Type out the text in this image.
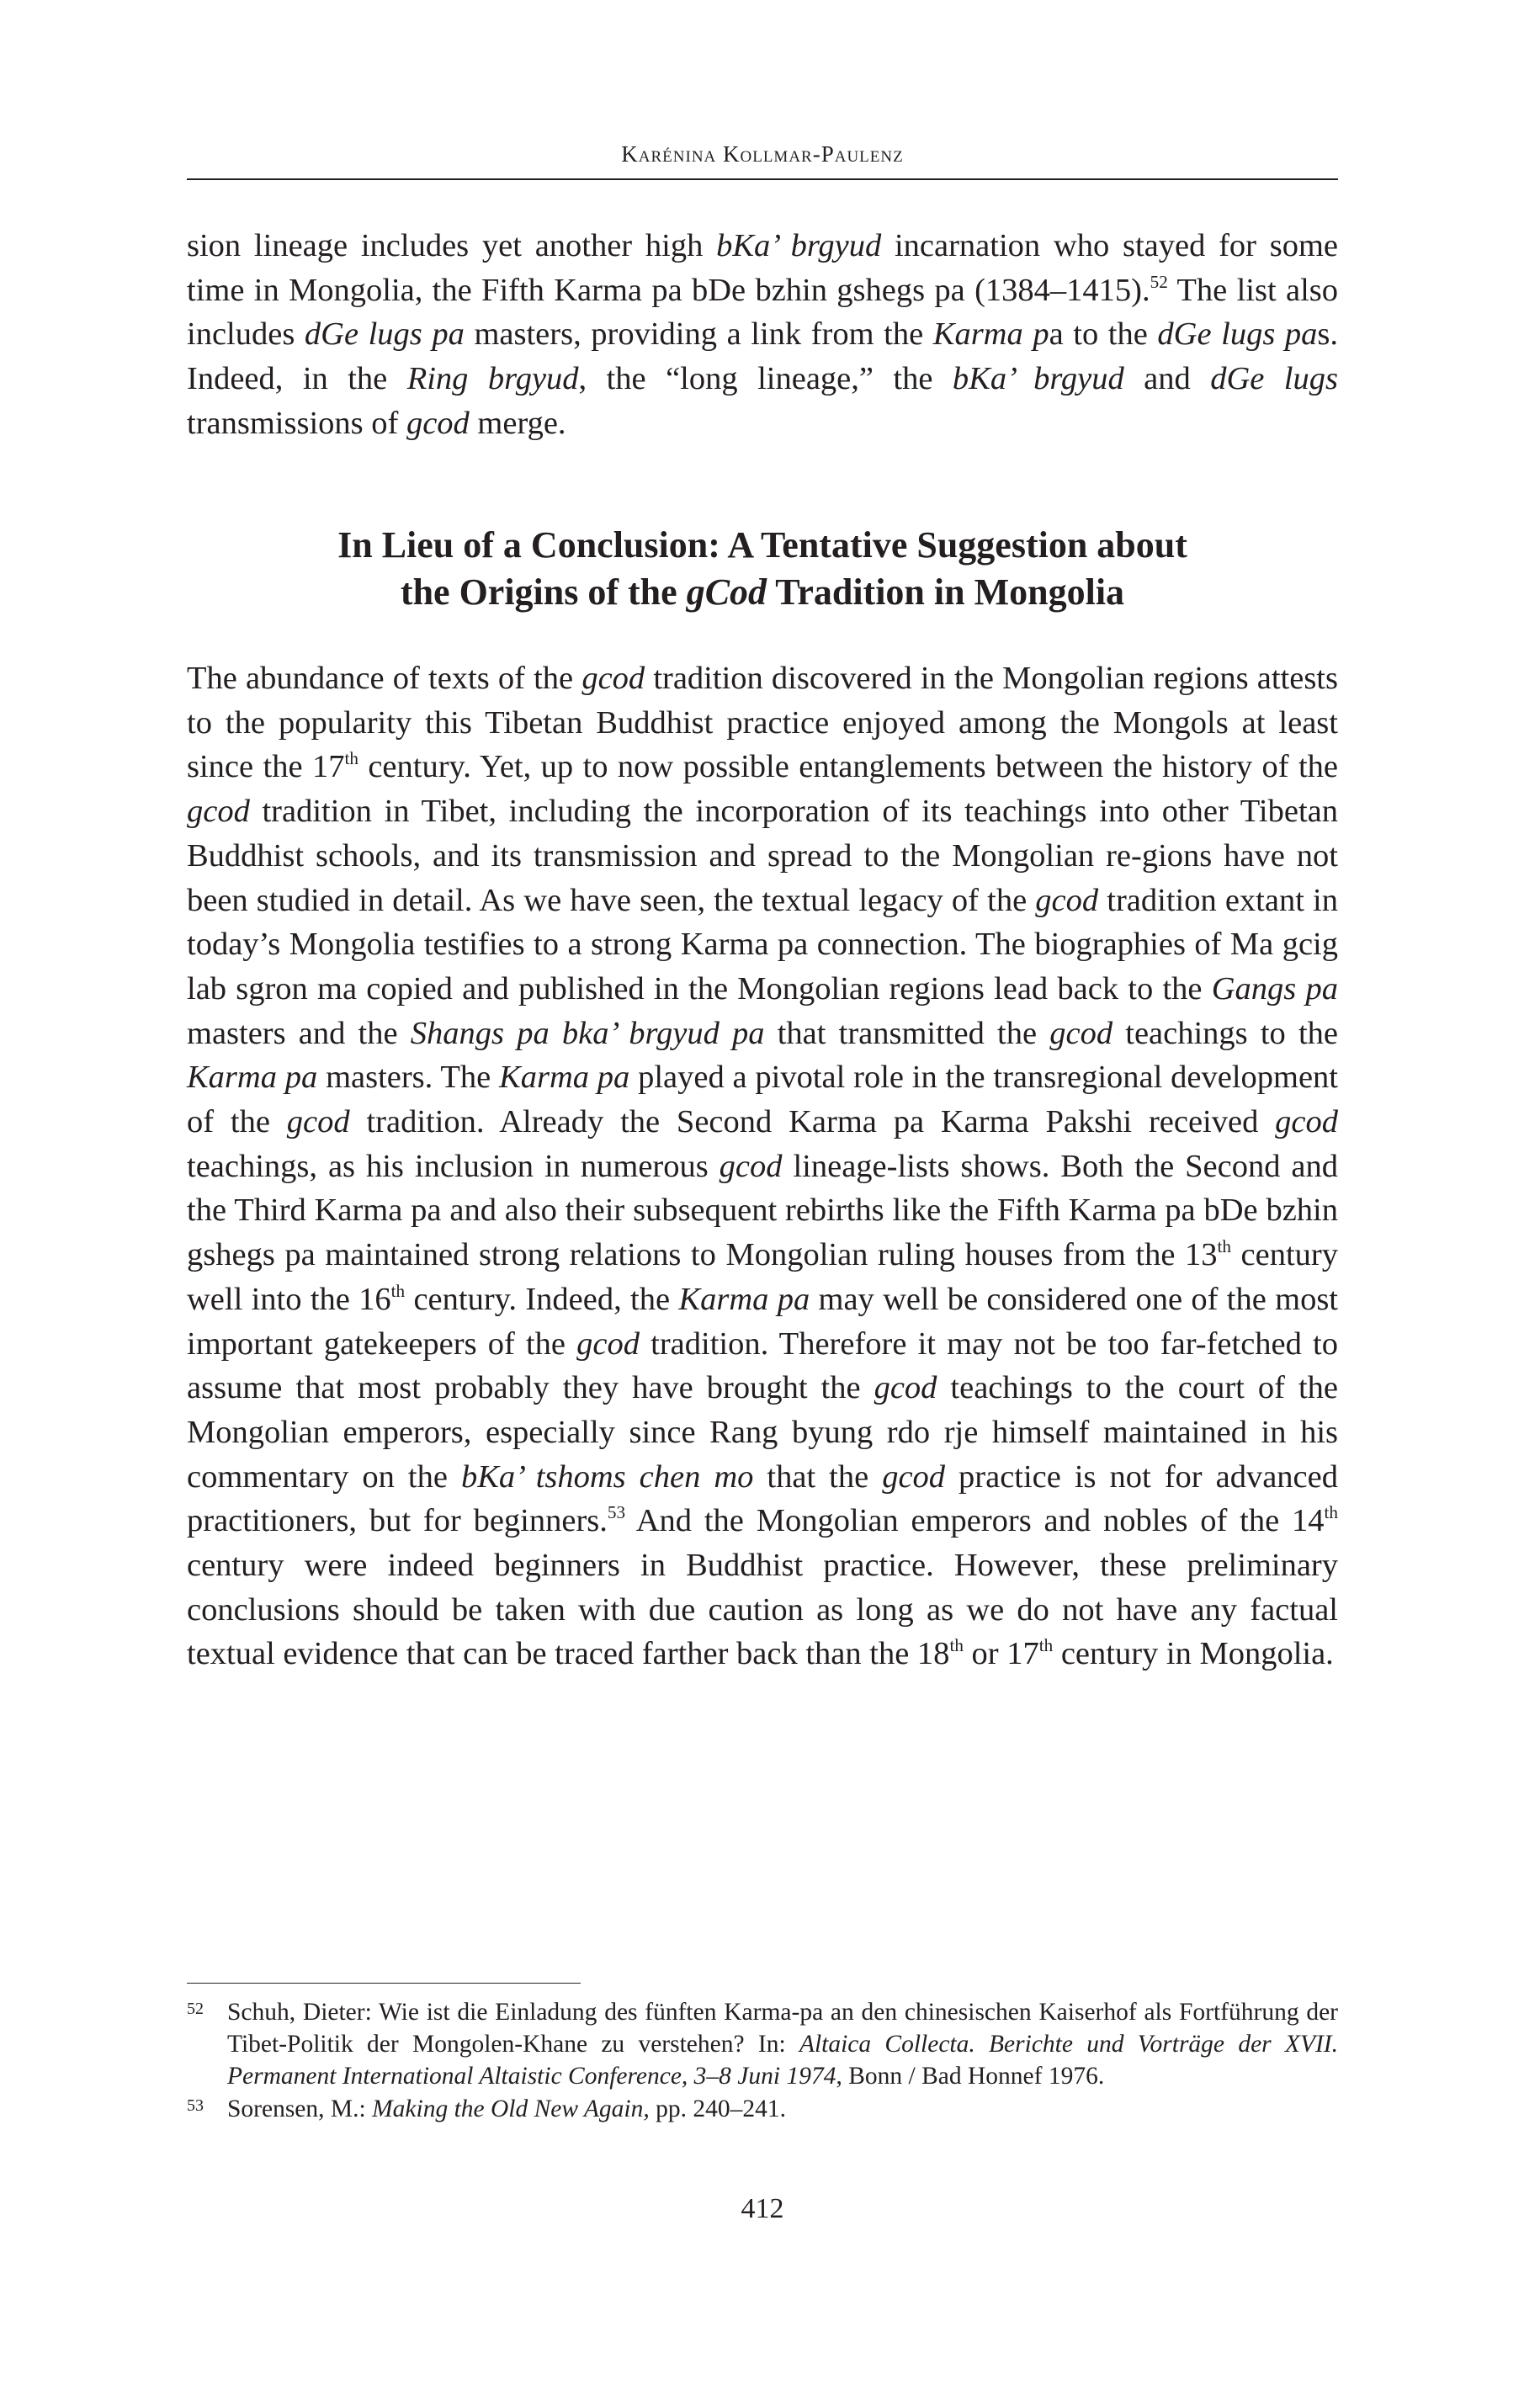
Karénina Kollmar-Paulenz

sion lineage includes yet another high bKa’ brgyud incarnation who stayed for some time in Mongolia, the Fifth Karma pa bDe bzhin gshegs pa (1384–1415).$^{52}$ The list also includes dGe lugs pa masters, providing a link from the Karma pa to the dGe lugs pas. Indeed, in the Ring brgyud, the “long lineage,” the bKa’ brgyud and dGe lugs transmissions of gcod merge.

In Lieu of a Conclusion: A Tentative Suggestion about

the Origins of the gCod Tradition in Mongolia

The abundance of texts of the gcod tradition discovered in the Mongolian regions attests to the popularity this Tibetan Buddhist practice enjoyed among the Mongols at least since the 17th century. Yet, up to now possible entanglements between the history of the gcod tradition in Tibet, including the incorporation of its teachings into other Tibetan Buddhist schools, and its transmission and spread to the Mongolian re-gions have not been studied in detail. As we have seen, the textual legacy of the gcod tradition extant in today’s Mongolia testifies to a strong Karma pa connection. The biographies of Ma gcig lab sgron ma copied and published in the Mongolian regions lead back to the Gangs pa masters and the Shangs pa bka’ brgyud pa that transmitted the gcod teachings to the Karma pa masters. The Karma pa played a pivotal role in the transregional development of the gcod tradition. Already the Second Karma pa Karma Pakshi received gcod teachings, as his inclusion in numerous gcod lineage-lists shows. Both the Second and the Third Karma pa and also their subsequent rebirths like the Fifth Karma pa bDe bzhin gshegs pa maintained strong relations to Mongolian ruling houses from the 13th century well into the 16th century. Indeed, the Karma pa may well be considered one of the most important gatekeepers of the gcod tradition. Therefore it may not be too far-fetched to assume that most probably they have brought the gcod teachings to the court of the Mongolian emperors, especially since Rang byung rdo rje himself maintained in his commentary on the bKa’ tshoms chen mo that the gcod practice is not for advanced practitioners, but for beginners.$^{53}$ And the Mongolian emperors and nobles of the 14th century were indeed beginners in Buddhist practice. However, these preliminary conclusions should be taken with due caution as long as we do not have any factual textual evidence that can be traced farther back than the 18th or 17th century in Mongolia.

52 Schuh, Dieter: Wie ist die Einladung des fünften Karma-pa an den chinesischen Kaiserhof als Fortführung der Tibet-Politik der Mongolen-Khane zu verstehen? In: Altaica Collecta. Berichte und Vorträge der XVII. Permanent International Altaistic Conference, 3–8 Juni 1974, Bonn / Bad Honnef 1976.
53 Sorensen, M.: Making the Old New Again, pp. 240–241.
412
